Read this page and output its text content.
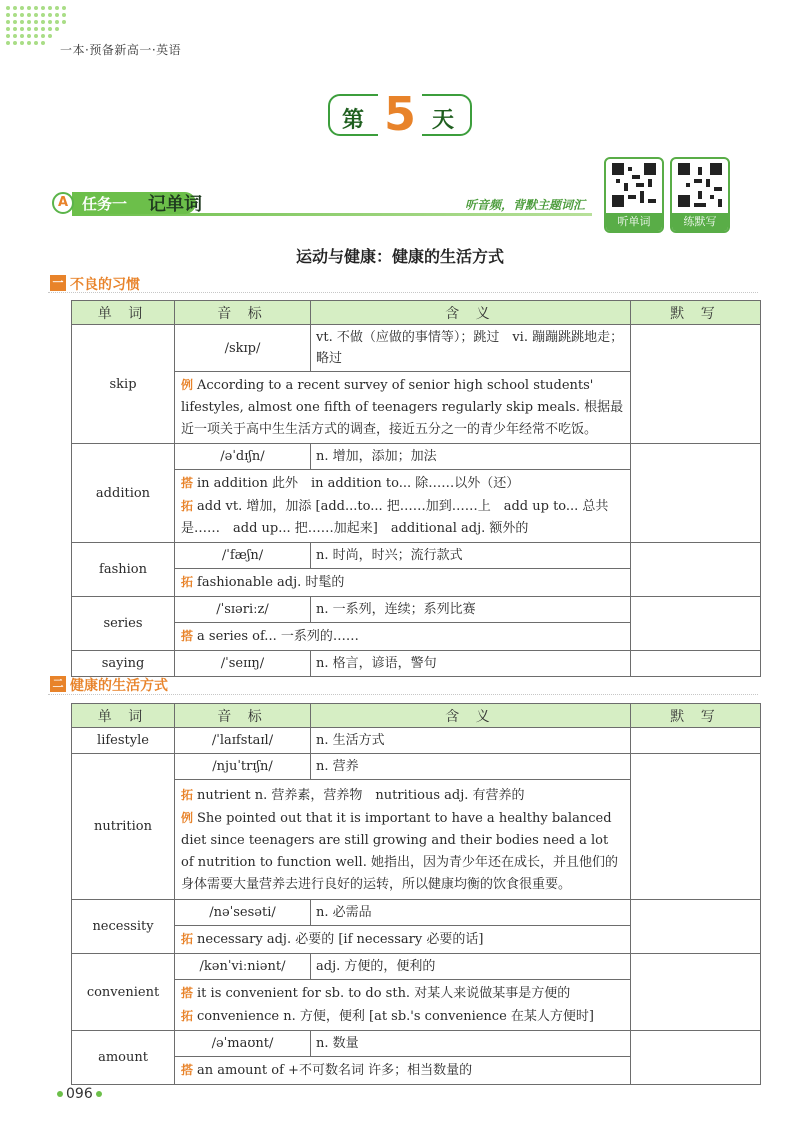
一本·预备新高一·英语
第 5 天
任务一
A	记单词	听音频，背默主题词汇
听单词	练默写
运动与健康：健康的生活方式
一 不良的习惯
单 词	音 标	含 义	默 写
skip	/skɪp/	vt. 不做（应做的事情等）；跳过　vi. 蹦蹦跳跳地走；略过	

	例 According to a recent survey of senior high school students' lifestyles, almost one fifth of teenagers regularly skip meals. 根据最近一项关于高中生生活方式的调查，接近五分之一的青少年经常不吃饭。		

addition	/əˈdɪʃn/	n. 增加，添加；加法	

	搭 in addition 此外　in addition to... 除……以外（还）
拓 add vt. 增加，加添 [add...to... 把……加到……上　add up to... 总共是……　add up... 把……加起来]　additional adj. 额外的		

fashion	/ˈfæʃn/	n. 时尚，时兴；流行款式	

	拓 fashionable adj. 时髦的		

series	/ˈsɪəriːz/	n. 一系列，连续；系列比赛	

	搭 a series of... 一系列的……		

saying	/ˈseɪɪŋ/	n. 格言，谚语，警句	
二 健康的生活方式
单 词	音 标	含 义	默 写
lifestyle	/ˈlaɪfstaɪl/	n. 生活方式	
nutrition	/njuˈtrɪʃn/	n. 营养	

	拓 nutrient n. 营养素，营养物　nutritious adj. 有营养的
例 She pointed out that it is important to have a healthy balanced diet since teenagers are still growing and their bodies need a lot of nutrition to function well. 她指出，因为青少年还在成长，并且他们的身体需要大量营养去进行良好的运转，所以健康均衡的饮食很重要。		

necessity	/nəˈsesəti/	n. 必需品	

	拓 necessary adj. 必要的 [if necessary 必要的话]		

convenient	/kənˈviːniənt/	adj. 方便的，便利的	

	搭 it is convenient for sb. to do sth. 对某人来说做某事是方便的
拓 convenience n. 方便，便利 [at sb.'s convenience 在某人方便时]		

amount	/əˈmaʊnt/	n. 数量	

	搭 an amount of +不可数名词 许多；相当数量的		
096
